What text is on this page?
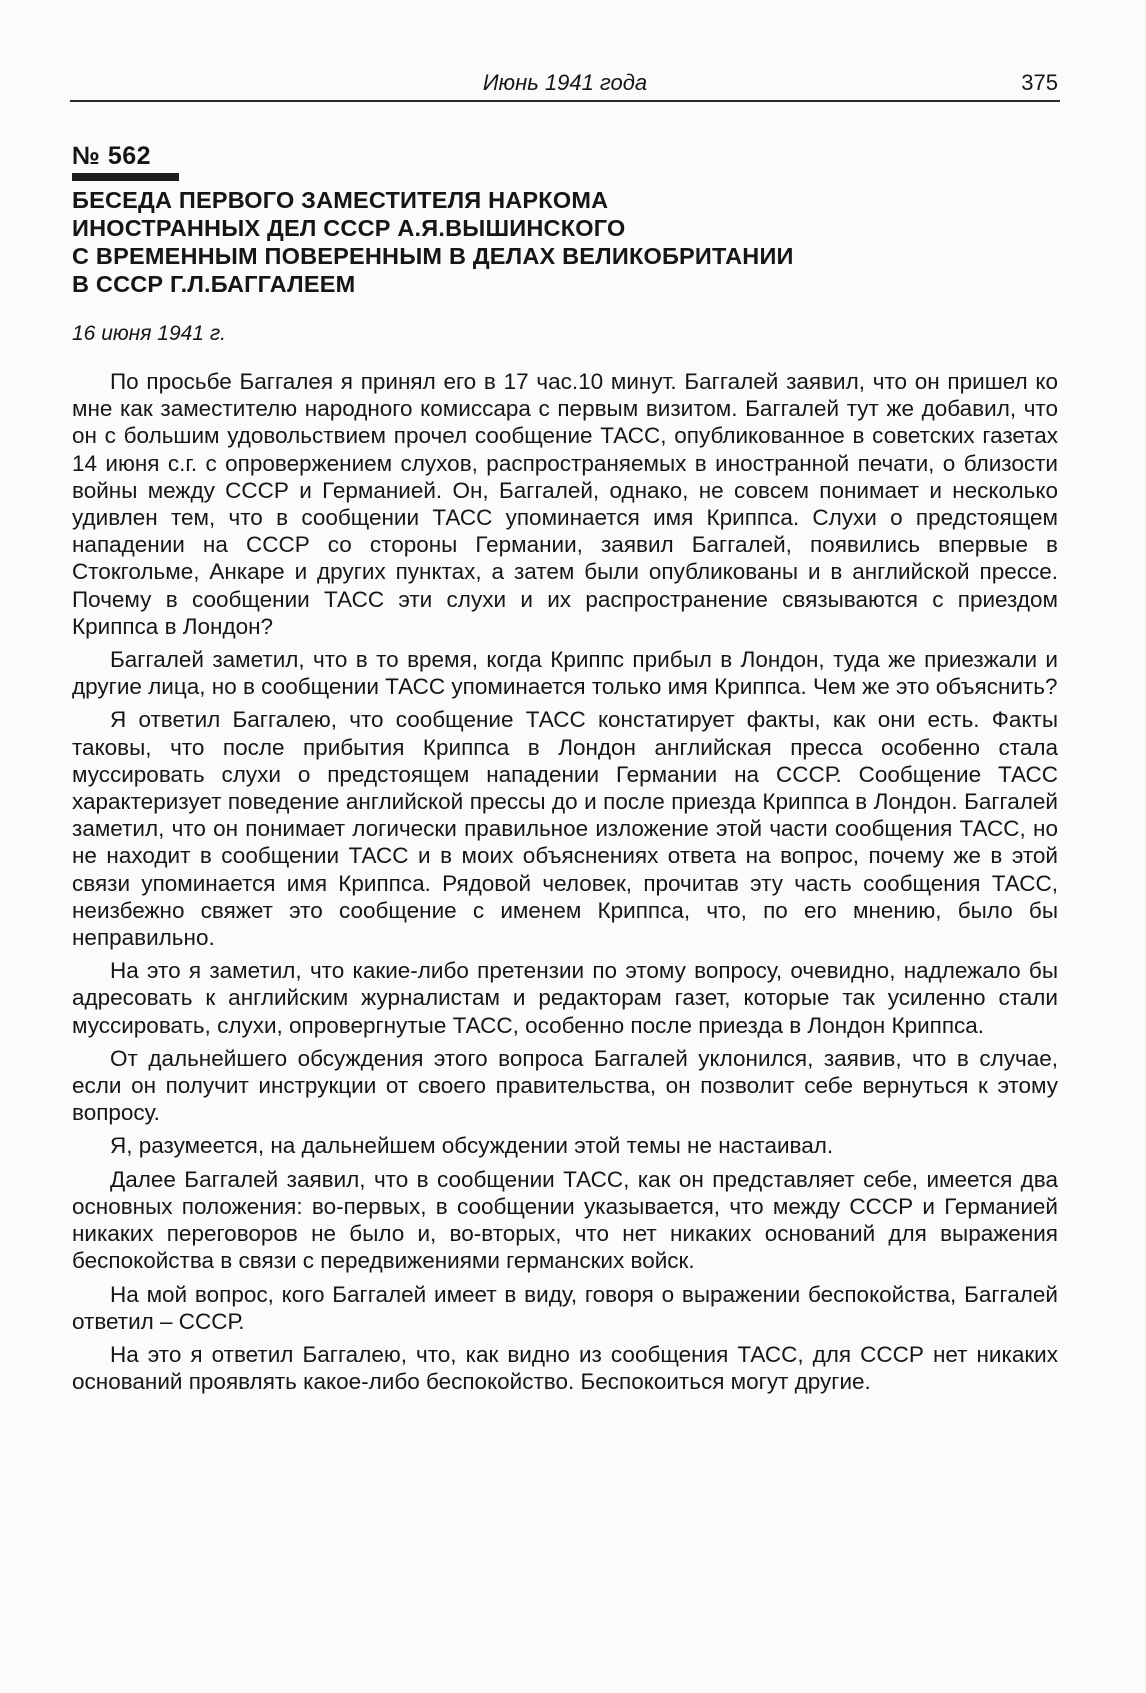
Июнь 1941 года	375
№ 562
БЕСЕДА ПЕРВОГО ЗАМЕСТИТЕЛЯ НАРКОМА
ИНОСТРАННЫХ ДЕЛ СССР А.Я.ВЫШИНСКОГО
С ВРЕМЕННЫМ ПОВЕРЕННЫМ В ДЕЛАХ ВЕЛИКОБРИТАНИИ
В СССР Г.Л.БАГГАЛЕЕМ
16 июня 1941 г.

По просьбе Баггалея я принял его в 17 час.10 минут. Баггалей заявил, что он пришел ко мне как заместителю народного комиссара с первым визитом. Баггалей тут же добавил, что он с большим удовольствием прочел сообщение ТАСС, опубликованное в советских газетах 14 июня с.г. с опровержением слухов, распространяемых в иностранной печати, о близости войны между СССР и Германией. Он, Баггалей, однако, не совсем понимает и несколько удивлен тем, что в сообщении ТАСС упоминается имя Криппса. Слухи о предстоящем нападении на СССР со стороны Германии, заявил Баггалей, появились впервые в Стокгольме, Анкаре и других пунктах, а затем были опубликованы и в английской прессе. Почему в сообщении ТАСС эти слухи и их распространение связываются с приездом Криппса в Лондон?

Баггалей заметил, что в то время, когда Криппс прибыл в Лондон, туда же приезжали и другие лица, но в сообщении ТАСС упоминается только имя Криппса. Чем же это объяснить?

Я ответил Баггалею, что сообщение ТАСС констатирует факты, как они есть. Факты таковы, что после прибытия Криппса в Лондон английская пресса особенно стала муссировать слухи о предстоящем нападении Германии на СССР. Сообщение ТАСС характеризует поведение английской прессы до и после приезда Криппса в Лондон. Баггалей заметил, что он понимает логически правильное изложение этой части сообщения ТАСС, но не находит в сообщении ТАСС и в моих объяснениях ответа на вопрос, почему же в этой связи упоминается имя Криппса. Рядовой человек, прочитав эту часть сообщения ТАСС, неизбежно свяжет это сообщение с именем Криппса, что, по его мнению, было бы неправильно.

На это я заметил, что какие-либо претензии по этому вопросу, очевидно, надлежало бы адресовать к английским журналистам и редакторам газет, которые так усиленно стали муссировать, слухи, опровергнутые ТАСС, особенно после приезда в Лондон Криппса.

От дальнейшего обсуждения этого вопроса Баггалей уклонился, заявив, что в случае, если он получит инструкции от своего правительства, он позволит себе вернуться к этому вопросу.

Я, разумеется, на дальнейшем обсуждении этой темы не настаивал.

Далее Баггалей заявил, что в сообщении ТАСС, как он представляет себе, имеется два основных положения: во-первых, в сообщении указывается, что между СССР и Германией никаких переговоров не было и, во-вторых, что нет никаких оснований для выражения беспокойства в связи с передвижениями германских войск.

На мой вопрос, кого Баггалей имеет в виду, говоря о выражении беспокойства, Баггалей ответил – СССР.

На это я ответил Баггалею, что, как видно из сообщения ТАСС, для СССР нет никаких оснований проявлять какое-либо беспокойство. Беспокоиться могут другие.
